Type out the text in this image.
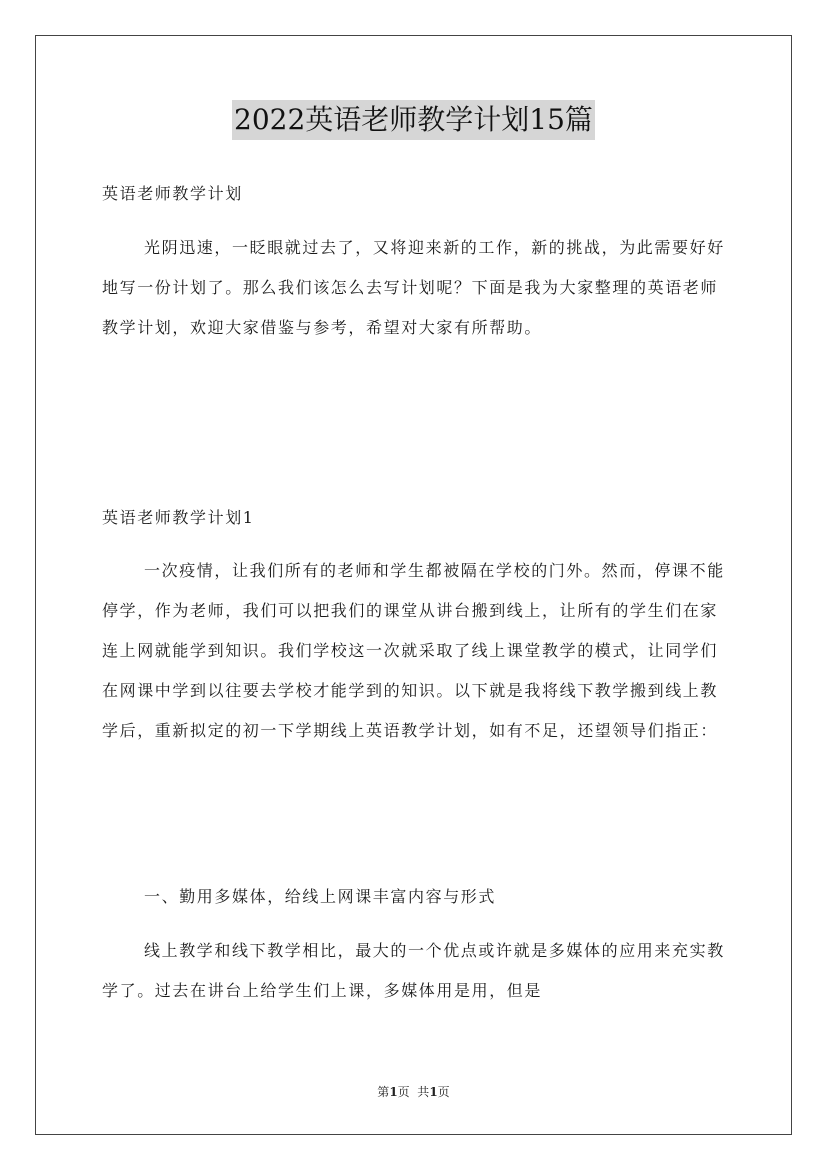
2022英语老师教学计划15篇

英语老师教学计划

光阴迅速，一眨眼就过去了，又将迎来新的工作，新的挑战，为此需要好好地写一份计划了。那么我们该怎么去写计划呢？下面是我为大家整理的英语老师教学计划，欢迎大家借鉴与参考，希望对大家有所帮助。

英语老师教学计划1

一次疫情，让我们所有的老师和学生都被隔在学校的门外。然而，停课不能停学，作为老师，我们可以把我们的课堂从讲台搬到线上，让所有的学生们在家连上网就能学到知识。我们学校这一次就采取了线上课堂教学的模式，让同学们在网课中学到以往要去学校才能学到的知识。以下就是我将线下教学搬到线上教学后，重新拟定的初一下学期线上英语教学计划，如有不足，还望领导们指正：

一、勤用多媒体，给线上网课丰富内容与形式

线上教学和线下教学相比，最大的一个优点或许就是多媒体的应用来充实教学了。过去在讲台上给学生们上课，多媒体用是用，但是

第1页  共1页
